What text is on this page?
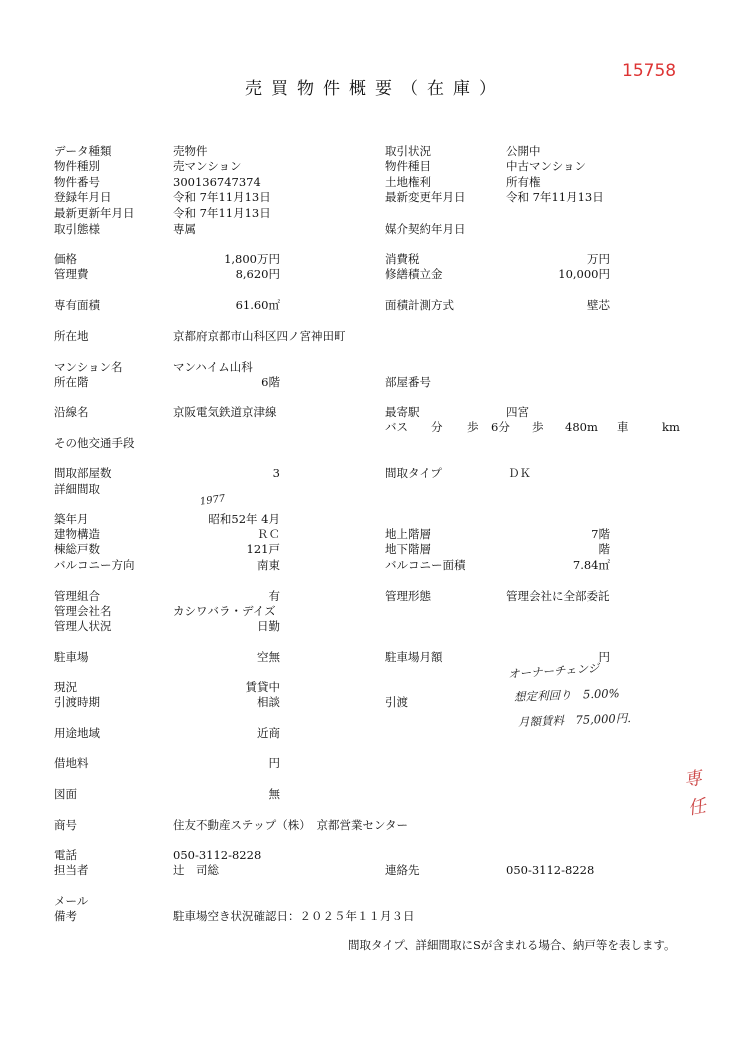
15758
売買物件概要（在庫）
データ種類	売物件	取引状況	公開中
物件種別	売マンション	物件種目	中古マンション
物件番号	300136747374	土地権利	所有権
登録年月日	令和 7年11月13日	最新変更年月日	令和 7年11月13日
最新更新年月日	令和 7年11月13日
取引態様	専属	媒介契約年月日
価格	1,800万円	消費税	万円
管理費	8,620円	修繕積立金	10,000円
専有面積	61.60㎡	面積計測方式	壁芯
所在地	京都府京都市山科区四ノ宮神田町
マンション名	マンハイム山科
所在階	6階	部屋番号
沿線名	京阪電気鉄道京津線	最寄駅	四宮
バス 分 歩 6分 歩 480m 車	km
その他交通手段
間取部屋数	3	間取タイプ	ＤＫ
詳細間取
1977
築年月	昭和52年 4月
建物構造	ＲＣ	地上階層	7階
棟総戸数	121戸	地下階層	階
バルコニー方向	南東	バルコニー面積	7.84㎡
管理組合	有	管理形態	管理会社に全部委託
管理会社名	カシワバラ・デイズ
管理人状況	日勤
駐車場	空無	駐車場月額	円
現況	賃貸中
引渡時期	相談	引渡
オーナーチェンジ
想定利回り　5.00%
月額賃料　75,000円.
用途地域	近商
借地料	円
図面	無
専
任
商号	住友不動産ステップ（株）　京都営業センター
電話	050-3112-8228
担当者	辻　司総	連絡先	050-3112-8228
メール
備考	駐車場空き状況確認日：２０２５年１１月３日
間取タイプ、詳細間取にSが含まれる場合、納戸等を表します。
